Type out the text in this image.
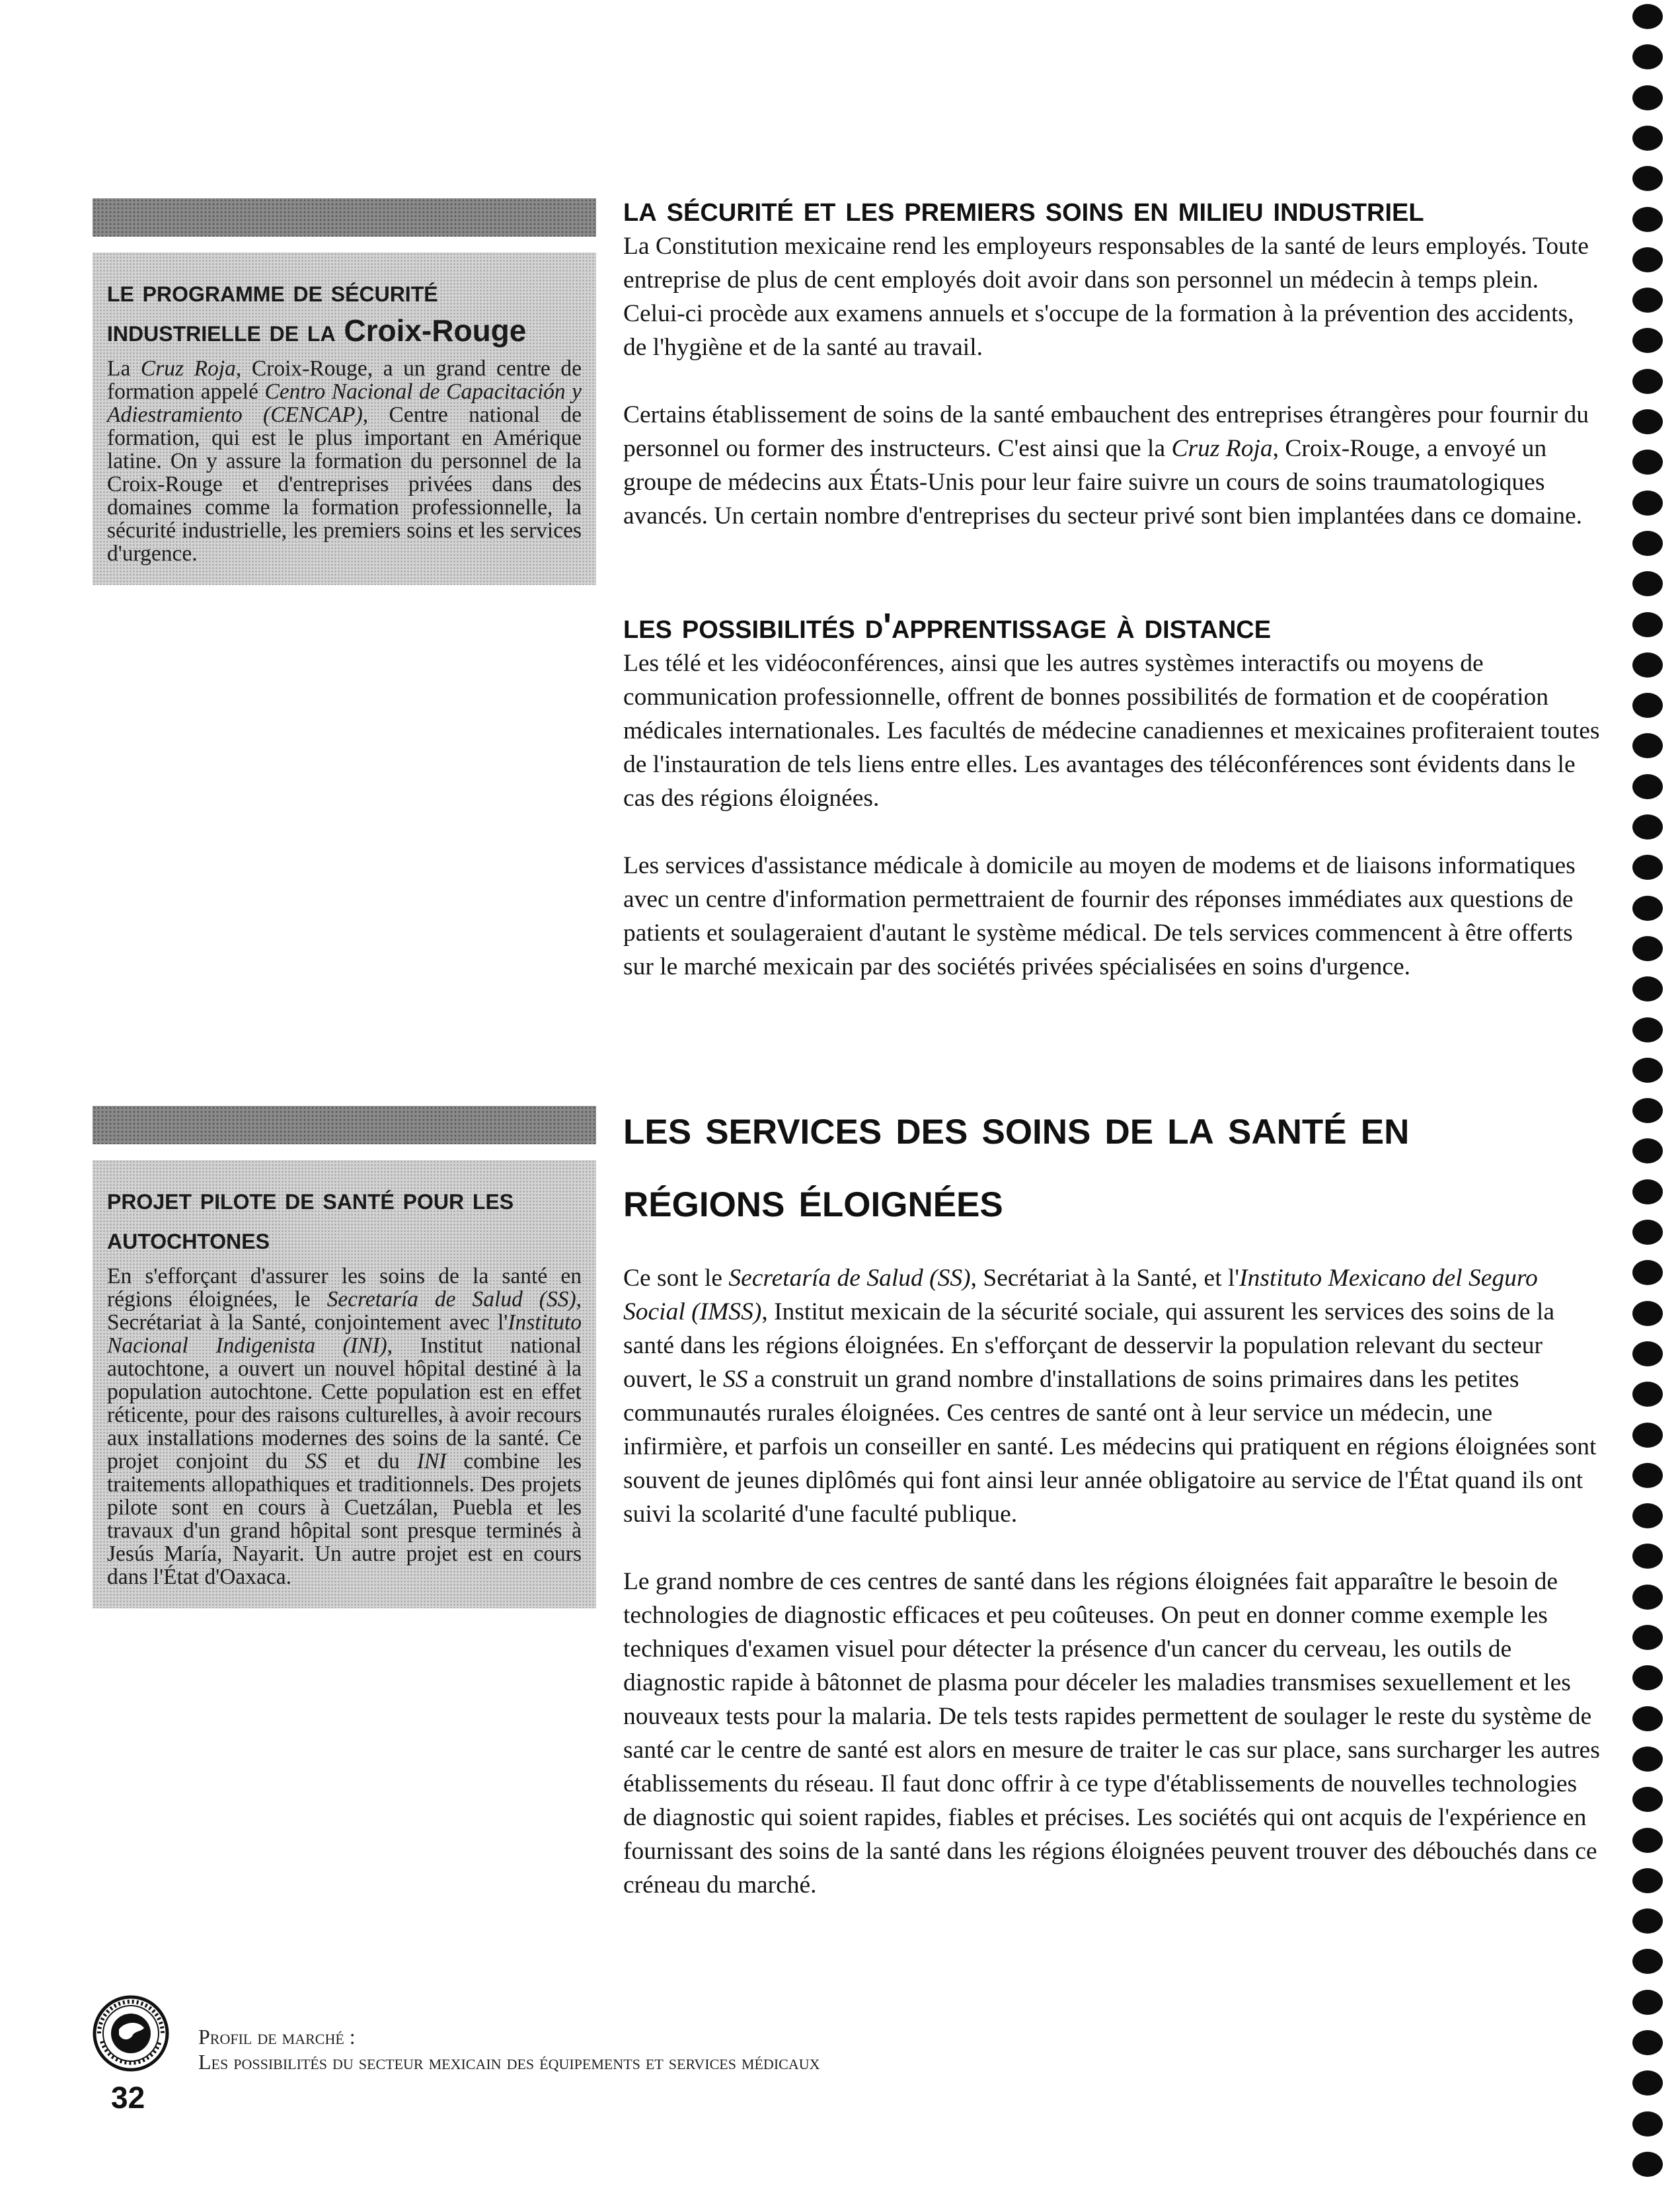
le programme de sécurité
industrielle de la Croix-Rouge
La Cruz Roja, Croix-Rouge, a un grand centre de formation appelé Centro Nacional de Capacitación y Adiestramiento (CENCAP), Centre national de formation, qui est le plus important en Amérique latine. On y assure la formation du personnel de la Croix-Rouge et d'entreprises privées dans des domaines comme la formation professionnelle, la sécurité industrielle, les premiers soins et les services d'urgence.
projet pilote de santé pour les
autochtones
En s'efforçant d'assurer les soins de la santé en régions éloignées, le Secretaría de Salud (SS), Secrétariat à la Santé, conjointement avec l'Instituto Nacional Indigenista (INI), Institut national autochtone, a ouvert un nouvel hôpital destiné à la population autochtone. Cette population est en effet réticente, pour des raisons culturelles, à avoir recours aux installations modernes des soins de la santé. Ce projet conjoint du SS et du INI combine les traitements allopathiques et traditionnels. Des projets pilote sont en cours à Cuetzálan, Puebla et les travaux d'un grand hôpital sont presque terminés à Jesús María, Nayarit. Un autre projet est en cours dans l'État d'Oaxaca.
la sécurité et les premiers soins en milieu industriel

La Constitution mexicaine rend les employeurs responsables de la santé de leurs employés. Toute entreprise de plus de cent employés doit avoir dans son personnel un médecin à temps plein. Celui-ci procède aux examens annuels et s'occupe de la formation à la prévention des accidents, de l'hygiène et de la santé au travail.

Certains établissement de soins de la santé embauchent des entreprises étrangères pour fournir du personnel ou former des instructeurs. C'est ainsi que la Cruz Roja, Croix-Rouge, a envoyé un groupe de médecins aux États-Unis pour leur faire suivre un cours de soins traumatologiques avancés. Un certain nombre d'entreprises du secteur privé sont bien implantées dans ce domaine.

les possibilités d'apprentissage à distance

Les télé et les vidéoconférences, ainsi que les autres systèmes interactifs ou moyens de communication professionnelle, offrent de bonnes possibilités de formation et de coopération médicales internationales. Les facultés de médecine canadiennes et mexicaines profiteraient toutes de l'instauration de tels liens entre elles. Les avantages des téléconférences sont évidents dans le cas des régions éloignées.

Les services d'assistance médicale à domicile au moyen de modems et de liaisons informatiques avec un centre d'information permettraient de fournir des réponses immédiates aux questions de patients et soulageraient d'autant le système médical. De tels services commencent à être offerts sur le marché mexicain par des sociétés privées spécialisées en soins d'urgence.

les services des soins de la santé en
régions éloignées

Ce sont le Secretaría de Salud (SS), Secrétariat à la Santé, et l'Instituto Mexicano del Seguro Social (IMSS), Institut mexicain de la sécurité sociale, qui assurent les services des soins de la santé dans les régions éloignées. En s'efforçant de desservir la population relevant du secteur ouvert, le SS a construit un grand nombre d'installations de soins primaires dans les petites communautés rurales éloignées. Ces centres de santé ont à leur service un médecin, une infirmière, et parfois un conseiller en santé. Les médecins qui pratiquent en régions éloignées sont souvent de jeunes diplômés qui font ainsi leur année obligatoire au service de l'État quand ils ont suivi la scolarité d'une faculté publique.

Le grand nombre de ces centres de santé dans les régions éloignées fait apparaître le besoin de technologies de diagnostic efficaces et peu coûteuses. On peut en donner comme exemple les techniques d'examen visuel pour détecter la présence d'un cancer du cerveau, les outils de diagnostic rapide à bâtonnet de plasma pour déceler les maladies transmises sexuellement et les nouveaux tests pour la malaria. De tels tests rapides permettent de soulager le reste du système de santé car le centre de santé est alors en mesure de traiter le cas sur place, sans surcharger les autres établissements du réseau. Il faut donc offrir à ce type d'établissements de nouvelles technologies de diagnostic qui soient rapides, fiables et précises. Les sociétés qui ont acquis de l'expérience en fournissant des soins de la santé dans les régions éloignées peuvent trouver des débouchés dans ce créneau du marché.

Profil de marché :
Les possibilités du secteur mexicain des équipements et services médicaux
32
